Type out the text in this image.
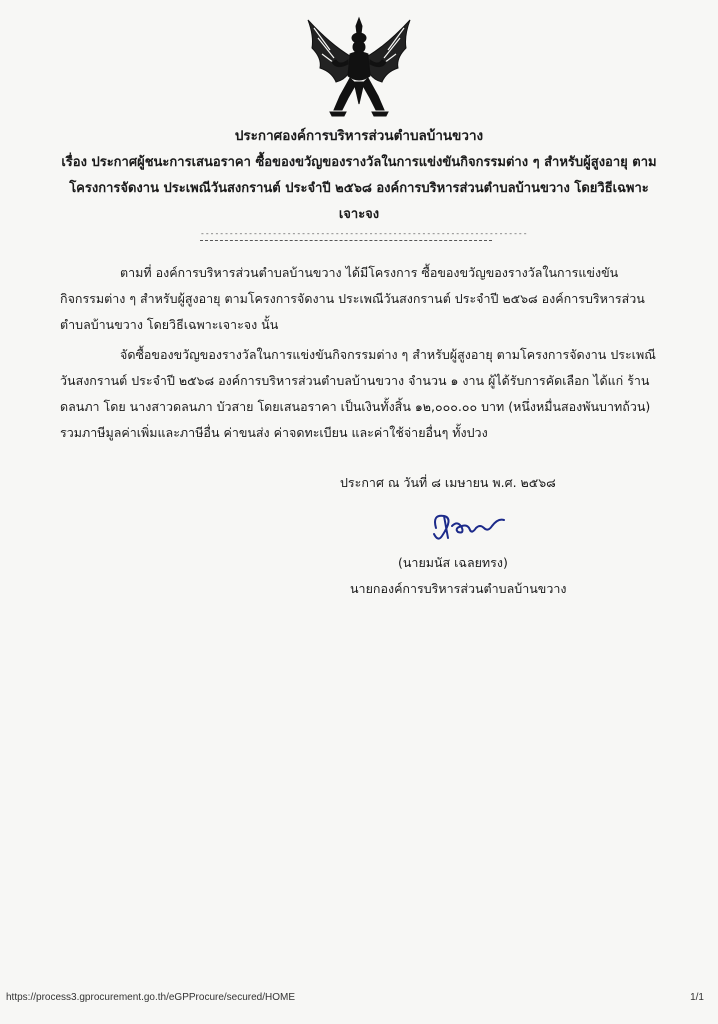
ประกาศองค์การบริหารส่วนตำบลบ้านขวาง

เรื่อง ประกาศผู้ชนะการเสนอราคา ซื้อของขวัญของรางวัลในการแข่งขันกิจกรรมต่าง ๆ สำหรับผู้สูงอายุ ตาม

โครงการจัดงาน ประเพณีวันสงกรานต์ ประจำปี ๒๕๖๘ องค์การบริหารส่วนตำบลบ้านขวาง โดยวิธีเฉพาะ

เจาะจง

--------------------------------------------------------------------

ตามที่ องค์การบริหารส่วนตำบลบ้านขวาง ได้มีโครงการ ซื้อของขวัญของรางวัลในการแข่งขันกิจกรรมต่าง ๆ สำหรับผู้สูงอายุ ตามโครงการจัดงาน ประเพณีวันสงกรานต์ ประจำปี ๒๕๖๘ องค์การบริหารส่วนตำบลบ้านขวาง โดยวิธีเฉพาะเจาะจง นั้น

จัดซื้อของขวัญของรางวัลในการแข่งขันกิจกรรมต่าง ๆ สำหรับผู้สูงอายุ ตามโครงการจัดงาน ประเพณีวันสงกรานต์ ประจำปี ๒๕๖๘ องค์การบริหารส่วนตำบลบ้านขวาง จำนวน ๑ งาน ผู้ได้รับการคัดเลือก ได้แก่ ร้านดลนภา โดย นางสาวดลนภา บัวสาย โดยเสนอราคา เป็นเงินทั้งสิ้น ๑๒,๐๐๐.๐๐ บาท (หนึ่งหมื่นสองพันบาทถ้วน) รวมภาษีมูลค่าเพิ่มและภาษีอื่น ค่าขนส่ง ค่าจดทะเบียน และค่าใช้จ่ายอื่นๆ ทั้งปวง

ประกาศ ณ วันที่ ๘ เมษายน พ.ศ. ๒๕๖๘
(นายมนัส เฉลยทรง)
นายกองค์การบริหารส่วนตำบลบ้านขวาง
https://process3.gprocurement.go.th/eGPProcure/secured/HOME	1/1
